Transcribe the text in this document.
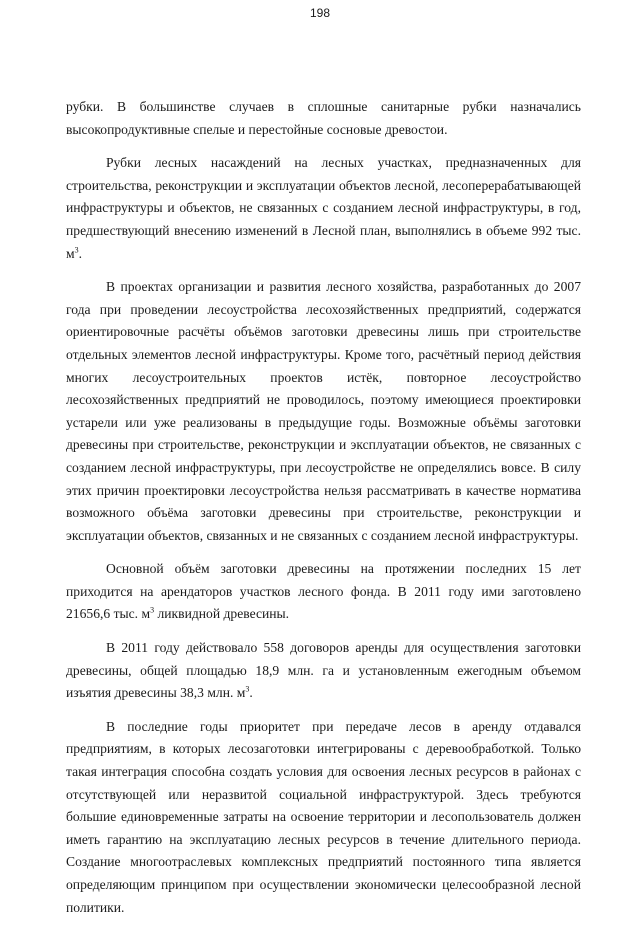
198

рубки. В большинстве случаев в сплошные санитарные рубки назначались высокопродуктивные спелые и перестойные сосновые древостои.

Рубки лесных насаждений на лесных участках, предназначенных для строительства, реконструкции и эксплуатации объектов лесной, лесоперерабатывающей инфраструктуры и объектов, не связанных с созданием лесной инфраструктуры, в год, предшествующий внесению изменений в Лесной план, выполнялись в объеме 992 тыс. $м^3$.

В проектах организации и развития лесного хозяйства, разработанных до 2007 года при проведении лесоустройства лесохозяйственных предприятий, содержатся ориентировочные расчёты объёмов заготовки древесины лишь при строительстве отдельных элементов лесной инфраструктуры. Кроме того, расчётный период действия многих лесоустроительных проектов истёк, повторное лесоустройство лесохозяйственных предприятий не проводилось, поэтому имеющиеся проектировки устарели или уже реализованы в предыдущие годы. Возможные объёмы заготовки древесины при строительстве, реконструкции и эксплуатации объектов, не связанных с созданием лесной инфраструктуры, при лесоустройстве не определялись вовсе. В силу этих причин проектировки лесоустройства нельзя рассматривать в качестве норматива возможного объёма заготовки древесины при строительстве, реконструкции и эксплуатации объектов, связанных и не связанных с созданием лесной инфраструктуры.

Основной объём заготовки древесины на протяжении последних 15 лет приходится на арендаторов участков лесного фонда. В 2011 году ими заготовлено 21656,6 тыс. $м^3$ ликвидной древесины.

В 2011 году действовало 558 договоров аренды для осуществления заготовки древесины, общей площадью 18,9 млн. га и установленным ежегодным объемом изъятия древесины 38,3 млн. $м^3$.

В последние годы приоритет при передаче лесов в аренду отдавался предприятиям, в которых лесозаготовки интегрированы с деревообработкой. Только такая интеграция способна создать условия для освоения лесных ресурсов в районах с отсутствующей или неразвитой социальной инфраструктурой. Здесь требуются большие единовременные затраты на освоение территории и лесопользователь должен иметь гарантию на эксплуатацию лесных ресурсов в течение длительного периода. Создание многоотраслевых комплексных предприятий постоянного типа является определяющим принципом при осуществлении экономически целесообразной лесной политики.
